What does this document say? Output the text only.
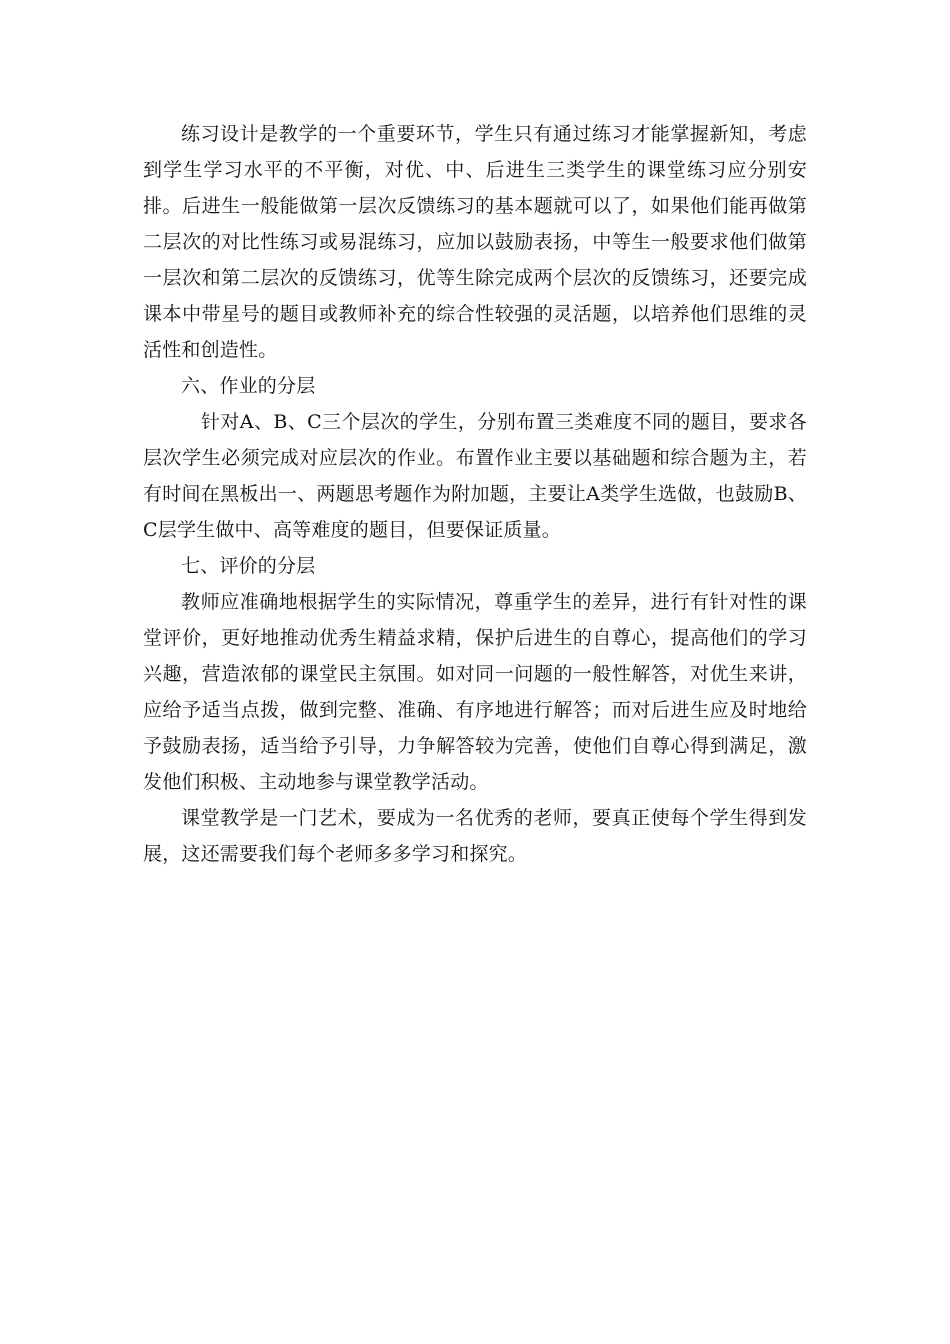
练习设计是教学的一个重要环节，学生只有通过练习才能掌握新知，考虑到学生学习水平的不平衡，对优、中、后进生三类学生的课堂练习应分别安排。后进生一般能做第一层次反馈练习的基本题就可以了，如果他们能再做第二层次的对比性练习或易混练习，应加以鼓励表扬，中等生一般要求他们做第一层次和第二层次的反馈练习，优等生除完成两个层次的反馈练习，还要完成课本中带星号的题目或教师补充的综合性较强的灵活题，以培养他们思维的灵活性和创造性。

六、作业的分层

针对A、B、C三个层次的学生，分别布置三类难度不同的题目，要求各层次学生必须完成对应层次的作业。布置作业主要以基础题和综合题为主，若有时间在黑板出一、两题思考题作为附加题，主要让A类学生选做，也鼓励B、C层学生做中、高等难度的题目，但要保证质量。

七、评价的分层

教师应准确地根据学生的实际情况，尊重学生的差异，进行有针对性的课堂评价，更好地推动优秀生精益求精，保护后进生的自尊心，提高他们的学习兴趣，营造浓郁的课堂民主氛围。如对同一问题的一般性解答，对优生来讲，应给予适当点拨，做到完整、准确、有序地进行解答；而对后进生应及时地给予鼓励表扬，适当给予引导，力争解答较为完善，使他们自尊心得到满足，激发他们积极、主动地参与课堂教学活动。

课堂教学是一门艺术，要成为一名优秀的老师，要真正使每个学生得到发展，这还需要我们每个老师多多学习和探究。
